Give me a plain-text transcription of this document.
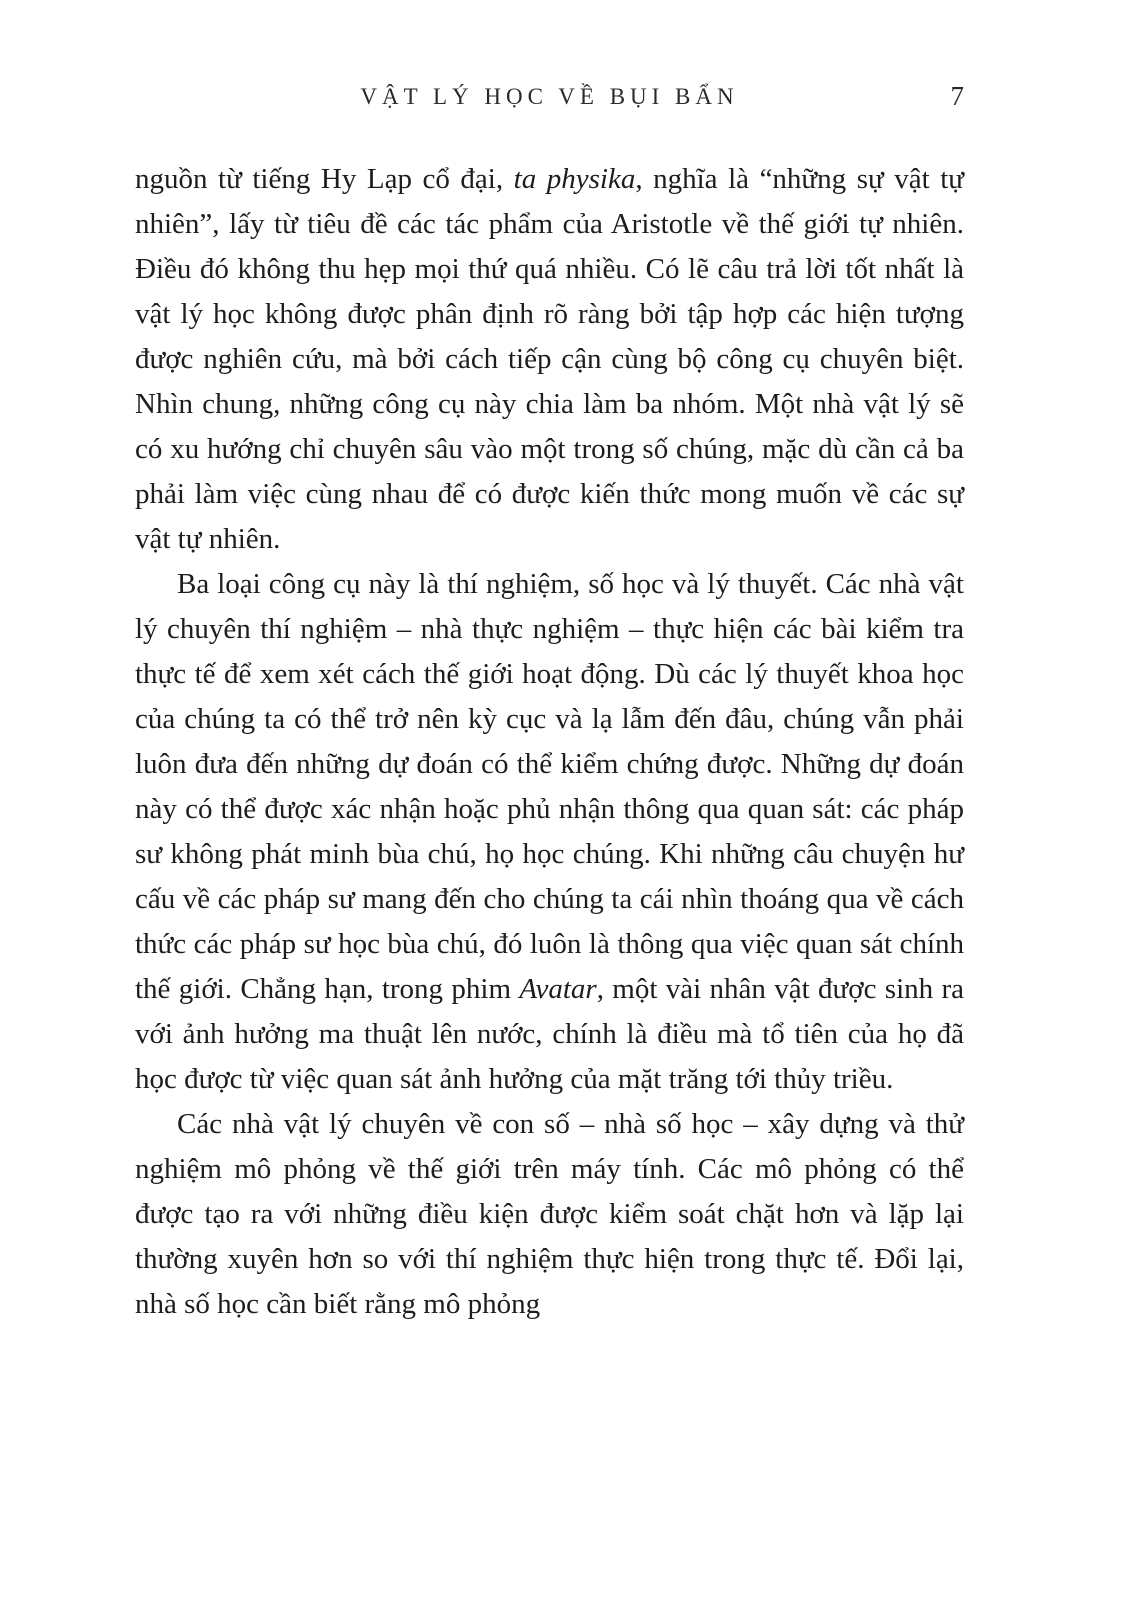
VẬT LÝ HỌC VỀ BỤI BẨN	7

nguồn từ tiếng Hy Lạp cổ đại, ta physika, nghĩa là “những sự vật tự nhiên”, lấy từ tiêu đề các tác phẩm của Aristotle về thế giới tự nhiên. Điều đó không thu hẹp mọi thứ quá nhiều. Có lẽ câu trả lời tốt nhất là vật lý học không được phân định rõ ràng bởi tập hợp các hiện tượng được nghiên cứu, mà bởi cách tiếp cận cùng bộ công cụ chuyên biệt. Nhìn chung, những công cụ này chia làm ba nhóm. Một nhà vật lý sẽ có xu hướng chỉ chuyên sâu vào một trong số chúng, mặc dù cần cả ba phải làm việc cùng nhau để có được kiến thức mong muốn về các sự vật tự nhiên.

Ba loại công cụ này là thí nghiệm, số học và lý thuyết. Các nhà vật lý chuyên thí nghiệm – nhà thực nghiệm – thực hiện các bài kiểm tra thực tế để xem xét cách thế giới hoạt động. Dù các lý thuyết khoa học của chúng ta có thể trở nên kỳ cục và lạ lẫm đến đâu, chúng vẫn phải luôn đưa đến những dự đoán có thể kiểm chứng được. Những dự đoán này có thể được xác nhận hoặc phủ nhận thông qua quan sát: các pháp sư không phát minh bùa chú, họ học chúng. Khi những câu chuyện hư cấu về các pháp sư mang đến cho chúng ta cái nhìn thoáng qua về cách thức các pháp sư học bùa chú, đó luôn là thông qua việc quan sát chính thế giới. Chẳng hạn, trong phim Avatar, một vài nhân vật được sinh ra với ảnh hưởng ma thuật lên nước, chính là điều mà tổ tiên của họ đã học được từ việc quan sát ảnh hưởng của mặt trăng tới thủy triều.

Các nhà vật lý chuyên về con số – nhà số học – xây dựng và thử nghiệm mô phỏng về thế giới trên máy tính. Các mô phỏng có thể được tạo ra với những điều kiện được kiểm soát chặt hơn và lặp lại thường xuyên hơn so với thí nghiệm thực hiện trong thực tế. Đổi lại, nhà số học cần biết rằng mô phỏng
